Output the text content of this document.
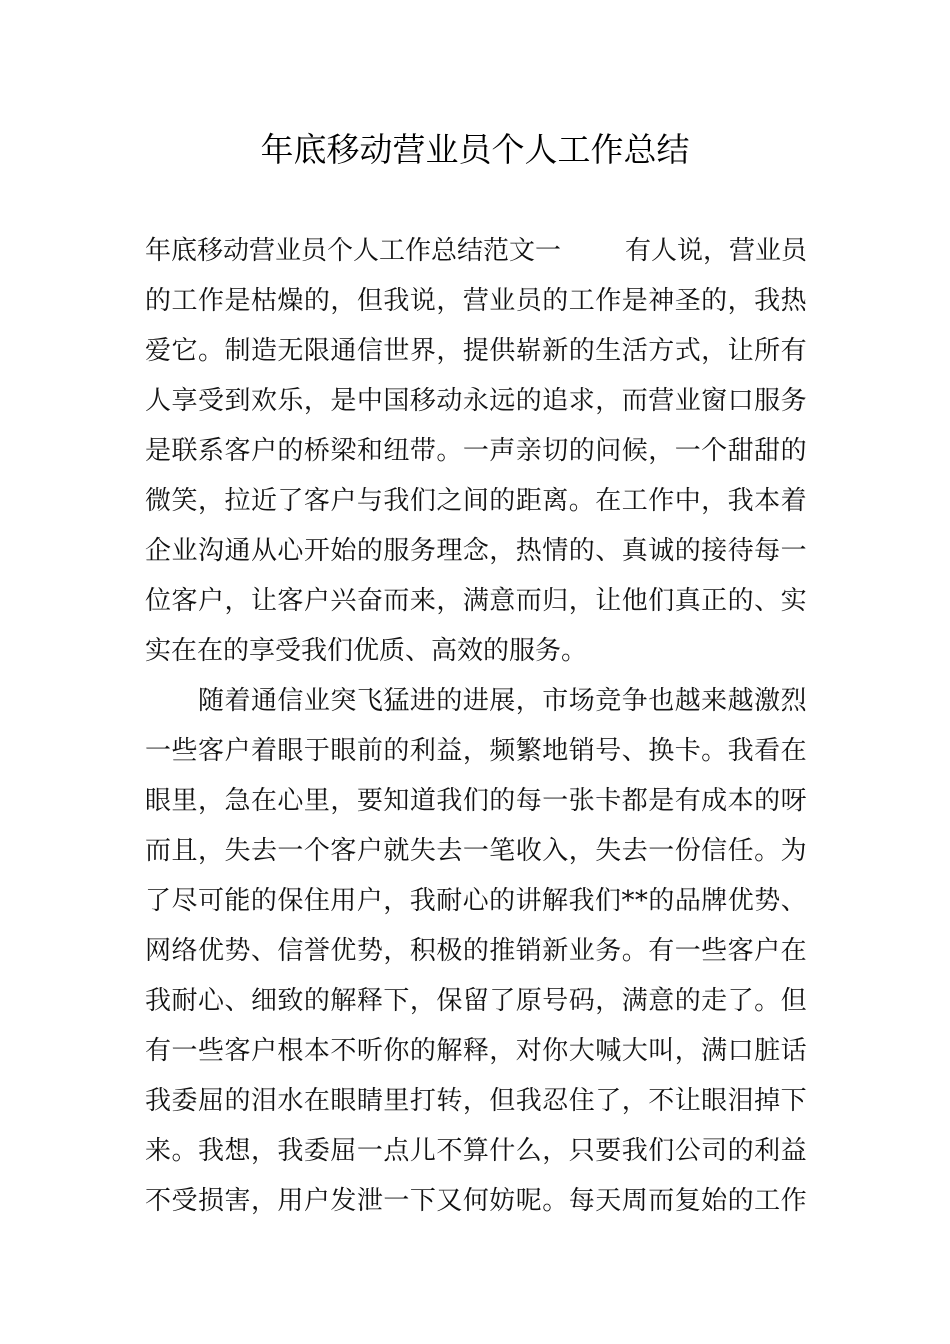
年底移动营业员个人工作总结
年底移动营业员个人工作总结范文一 有人说，营业员
的 工 作 是 枯 燥 的 ， 但 我 说 ， 营 业 员 的 工 作 是 神 圣 的 ， 我 热
爱 它 。 制 造 无 限 通 信 世 界 ， 提 供 崭 新 的 生 活 方 式 ， 让 所 有
人 享 受 到 欢 乐 ， 是 中 国 移 动 永 远 的 追 求 ， 而 营 业 窗 口 服 务
是 联 系 客 户 的 桥 梁 和 纽 带 。 一 声 亲 切 的 问 候 ， 一 个 甜 甜 的
微 笑 ， 拉 近 了 客 户 与 我 们 之 间 的 距 离 。 在 工 作 中 ， 我 本 着
企 业 沟 通 从 心 开 始 的 服 务 理 念 ， 热 情 的 、 真 诚 的 接 待 每 一
位 客 户 ， 让 客 户 兴 奋 而 来 ， 满 意 而 归 ， 让 他 们 真 正 的 、 实
实在在的享受我们优质、高效的服务。

随 着 通 信 业 突 飞 猛 进 的 进 展 ， 市 场 竞 争 也 越 来 越 激 烈
一 些 客 户 着 眼 于 眼 前 的 利 益 ， 频 繁 地 销 号 、 换 卡 。 我 看 在
眼 里 ， 急 在 心 里 ， 要 知 道 我 们 的 每 一 张 卡 都 是 有 成 本 的 呀
而 且 ， 失 去 一 个 客 户 就 失 去 一 笔 收 入 ， 失 去 一 份 信 任 。 为
了 尽 可 能 的 保 住 用 户 ， 我 耐 心 的 讲 解 我 们 * * 的 品 牌 优 势 、
网 络 优 势 、 信 誉 优 势 ， 积 极 的 推 销 新 业 务 。 有 一 些 客 户 在
我 耐 心 、 细 致 的 解 释 下 ， 保 留 了 原 号 码 ， 满 意 的 走 了 。 但
有 一 些 客 户 根 本 不 听 你 的 解 释 ， 对 你 大 喊 大 叫 ， 满 口 脏 话
我 委 屈 的 泪 水 在 眼 睛 里 打 转 ， 但 我 忍 住 了 ， 不 让 眼 泪 掉 下
来 。 我 想 ， 我 委 屈 一 点 儿 不 算 什 么 ， 只 要 我 们 公 司 的 利 益
不 受 损 害 ， 用 户 发 泄 一 下 又 何 妨 呢 。 每 天 周 而 复 始 的 工 作
